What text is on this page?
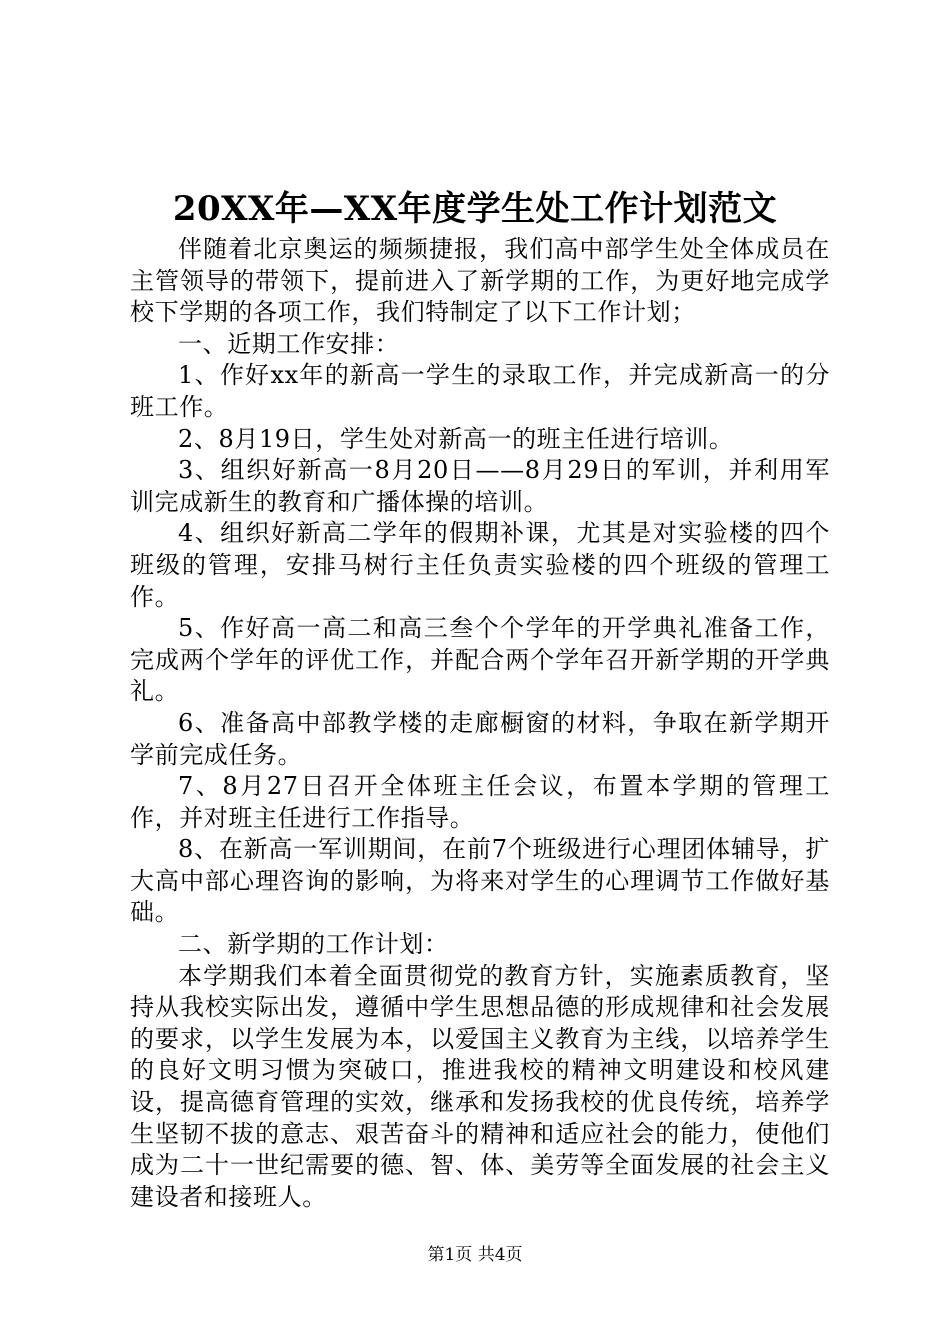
20XX年—XX年度学生处工作计划范文

伴随着北京奥运的频频捷报，我们高中部学生处全体成员在主管领导的带领下，提前进入了新学期的工作，为更好地完成学校下学期的各项工作，我们特制定了以下工作计划；

一、近期工作安排：

1、作好xx年的新高一学生的录取工作，并完成新高一的分班工作。

2、8月19日，学生处对新高一的班主任进行培训。

3、组织好新高一8月20日——8月29日的军训，并利用军训完成新生的教育和广播体操的培训。

4、组织好新高二学年的假期补课，尤其是对实验楼的四个班级的管理，安排马树行主任负责实验楼的四个班级的管理工作。

5、作好高一高二和高三叁个个学年的开学典礼准备工作，完成两个学年的评优工作，并配合两个学年召开新学期的开学典礼。

6、准备高中部教学楼的走廊橱窗的材料，争取在新学期开学前完成任务。

7、8月27日召开全体班主任会议，布置本学期的管理工作，并对班主任进行工作指导。

8、在新高一军训期间，在前7个班级进行心理团体辅导，扩大高中部心理咨询的影响，为将来对学生的心理调节工作做好基础。

二、新学期的工作计划：

本学期我们本着全面贯彻党的教育方针，实施素质教育，坚持从我校实际出发，遵循中学生思想品德的形成规律和社会发展的要求，以学生发展为本，以爱国主义教育为主线，以培养学生的良好文明习惯为突破口，推进我校的精神文明建设和校风建设，提高德育管理的实效，继承和发扬我校的优良传统，培养学生坚韧不拔的意志、艰苦奋斗的精神和适应社会的能力，使他们成为二十一世纪需要的德、智、体、美劳等全面发展的社会主义建设者和接班人。

第1页 共4页
